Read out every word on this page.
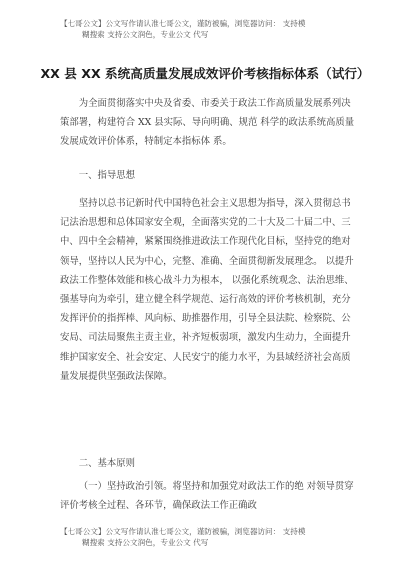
【七哥公文】公文写作请认准七哥公文，谨防被骗，浏览器访问： 支持模
糊搜索 支持公文润色，专业公文 代写
XX 县 XX 系统高质量发展成效评价考核指标体系（试行）

为全面贯彻落实中央及省委、市委关于政法工作高质量发展系列决策部署，构建符合 XX 县实际、导向明确、规范 科学的政法系统高质量发展成效评价体系，特制定本指标体 系。

一、指导思想

坚持以总书记新时代中国特色社会主义思想为指导，深入贯彻总书记法治思想和总体国家安全观，全面落实党的二十大及二十届二中、三中、四中全会精神，紧紧围绕推进政法工作现代化目标，坚持党的绝对领导，坚持以人民为中心，完整、准确、全面贯彻新发展理念。 以提升政法工作整体效能和核心战斗力为根本， 以强化系统观念、法治思维、强基导向为牵引，建立健全科学规范、运行高效的评价考核机制，充分发挥评价的指挥棒、风向标、助推器作用，引导全县法院、检察院、公安局、司法局聚焦主责主业，补齐短板弱项，激发内生动力，全面提升维护国家安全、社会安定、人民安宁的能力水平，为县域经济社会高质量发展提供坚强政法保障。

二、基本原则

（一）坚持政治引领。将坚持和加强党对政法工作的绝 对领导贯穿评价考核全过程、各环节，确保政法工作正确政

【七哥公文】公文写作请认准七哥公文，谨防被骗，浏览器访问： 支持模
糊搜索 支持公文润色，专业公文 代写
